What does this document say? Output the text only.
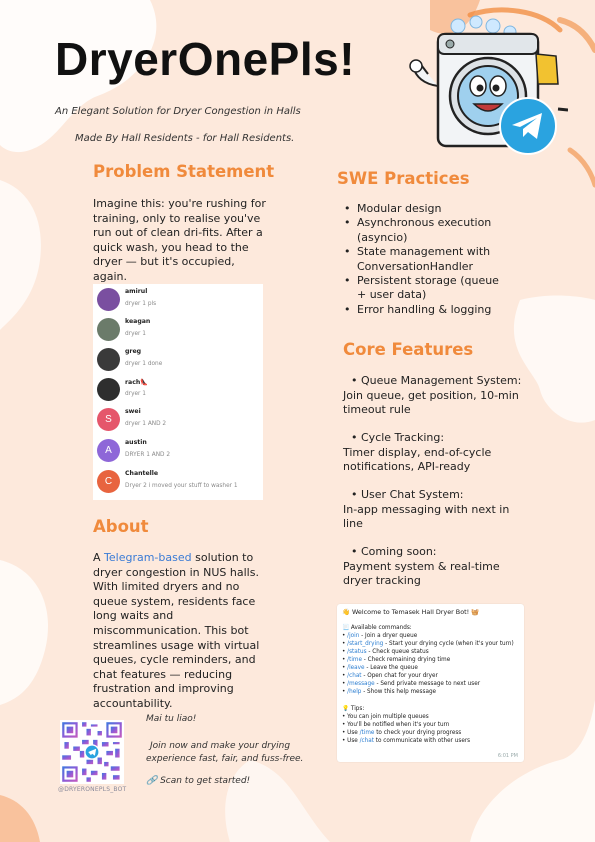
DryerOnePls!
An Elegant Solution for Dryer Congestion in Halls
Made By Hall Residents - for Hall Residents.
Problem Statement
Imagine this: you're rushing for training, only to realise you've run out of clean dri-fits. After a quick wash, you head to the dryer — but it's occupied, again.
amirul
dryer 1 pls
keagan
dryer 1
greg
dryer 1 done
rach👠
dryer 1
S
swei
dryer 1 AND 2
A
austin
DRYER 1 AND 2
C
Chantelle
Dryer 2 i moved your stuff to washer 1
About
A Telegram-based solution to dryer congestion in NUS halls. With limited dryers and no queue system, residents face long waits and miscommunication. This bot streamlines usage with virtual queues, cycle reminders, and chat features — reducing frustration and improving accountability.
@DRYERONEPLS_BOT
Mai tu liao!
Join now and make your drying experience fast, fair, and fuss-free.
🔗 Scan to get started!
SWE Practices
• Modular design
• Asynchronous execution (asyncio)
• State management with ConversationHandler
• Persistent storage (queue + user data)
• Error handling & logging
Core Features
• Queue Management System:
Join queue, get position, 10-min timeout rule
• Cycle Tracking:
Timer display, end-of-cycle notifications, API-ready
• User Chat System:
In-app messaging with next in line
• Coming soon:
Payment system & real-time dryer tracking
👋 Welcome to Temasek Hall Dryer Bot! 🧺
📃 Available commands:
• /join - Join a dryer queue
• /start_drying - Start your drying cycle (when it's your turn)
• /status - Check queue status
• /time - Check remaining drying time
• /leave - Leave the queue
• /chat - Open chat for your dryer
• /message - Send private message to next user
• /help - Show this help message
💡 Tips:
• You can join multiple queues
• You'll be notified when it's your turn
• Use /time to check your drying progress
• Use /chat to communicate with other users
6:01 PM
